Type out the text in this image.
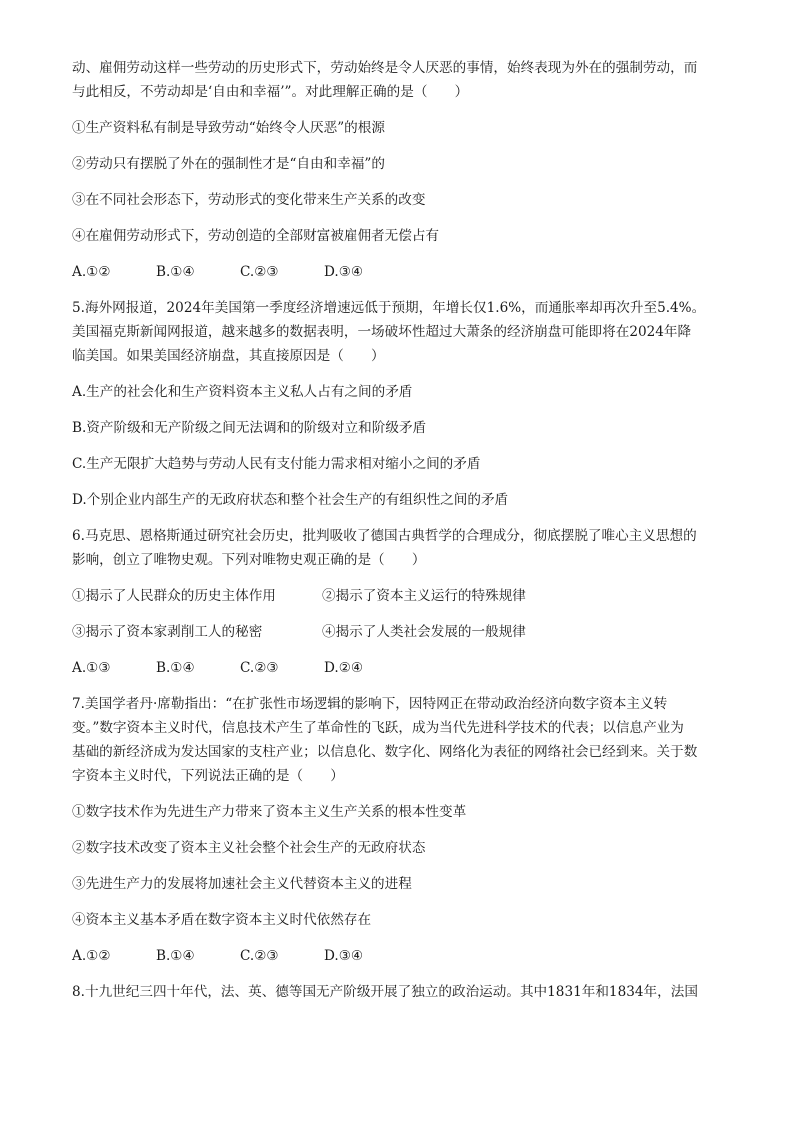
动、雇佣劳动这样一些劳动的历史形式下，劳动始终是令人厌恶的事情，始终表现为外在的强制劳动，而
与此相反，不劳动却是‘自由和幸福’”。对此理解正确的是（　　）
①生产资料私有制是导致劳动“始终令人厌恶”的根源
②劳动只有摆脱了外在的强制性才是“自由和幸福”的
③在不同社会形态下，劳动形式的变化带来生产关系的改变
④在雇佣劳动形式下，劳动创造的全部财富被雇佣者无偿占有
A.①②	B.①④	C.②③	D.③④
5.海外网报道，2024年美国第一季度经济增速远低于预期，年增长仅1.6%，而通胀率却再次升至5.4%。
美国福克斯新闻网报道，越来越多的数据表明，一场破坏性超过大萧条的经济崩盘可能即将在2024年降
临美国。如果美国经济崩盘，其直接原因是（　　）
A.生产的社会化和生产资料资本主义私人占有之间的矛盾
B.资产阶级和无产阶级之间无法调和的阶级对立和阶级矛盾
C.生产无限扩大趋势与劳动人民有支付能力需求相对缩小之间的矛盾
D.个别企业内部生产的无政府状态和整个社会生产的有组织性之间的矛盾
6.马克思、恩格斯通过研究社会历史，批判吸收了德国古典哲学的合理成分，彻底摆脱了唯心主义思想的
影响，创立了唯物史观。下列对唯物史观正确的是（　　）
①揭示了人民群众的历史主体作用	②揭示了资本主义运行的特殊规律
③揭示了资本家剥削工人的秘密	④揭示了人类社会发展的一般规律
A.①③	B.①④	C.②③	D.②④
7.美国学者丹·席勒指出：“在扩张性市场逻辑的影响下，因特网正在带动政治经济向数字资本主义转
变。”数字资本主义时代，信息技术产生了革命性的飞跃，成为当代先进科学技术的代表；以信息产业为
基础的新经济成为发达国家的支柱产业；以信息化、数字化、网络化为表征的网络社会已经到来。关于数
字资本主义时代，下列说法正确的是（　　）
①数字技术作为先进生产力带来了资本主义生产关系的根本性变革
②数字技术改变了资本主义社会整个社会生产的无政府状态
③先进生产力的发展将加速社会主义代替资本主义的进程
④资本主义基本矛盾在数字资本主义时代依然存在
A.①②	B.①④	C.②③	D.③④
8.十九世纪三四十年代，法、英、德等国无产阶级开展了独立的政治运动。其中1831年和1834年，法国
